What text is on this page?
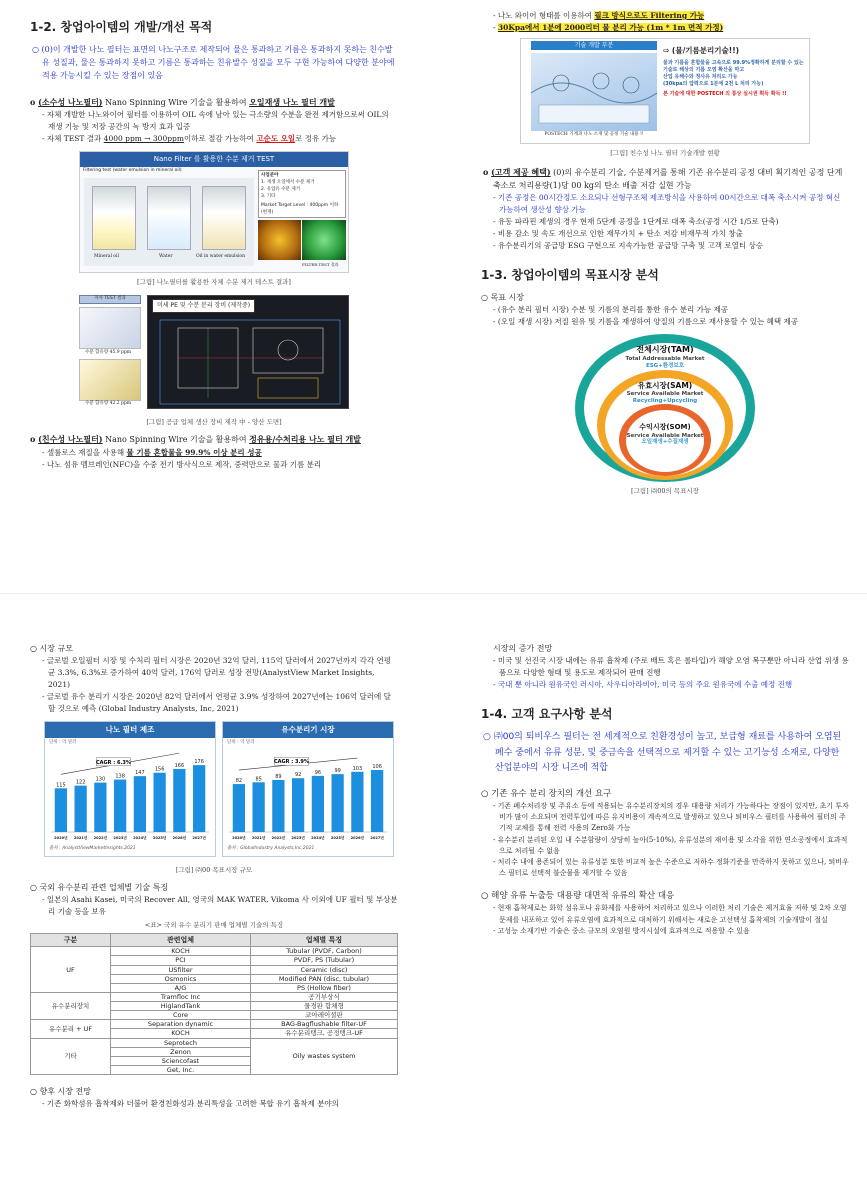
1-2. 창업아이템의 개발/개선 목적

○ (0)이 개발한 나노 필터는 표면의 나노구조로 제작되어 물은 통과하고 기름은 통과하지 못하는 친수발유 성질과, 물은 통과하지 못하고 기름은 통과하는 친유발수 성질을 모두 구현 가능하여 다양한 분야에 적용 가능시킬 수 있는 장점이 있음

o (소수성 나노필터) Nano Spinning Wire 기술을 활용하여 오일재생 나노 필터 개발

- 자체 개발한 나노와이어 필터를 이용하여 OIL 속에 남아 있는 극소량의 수분을 완전 제거함으로써 OIL의 재생 기능 및 저장 공간의 녹 방지 효과 입증

- 자체 TEST 결과 4000 ppm → 300ppm이하로 절감 가능하여 고순도 오일로 정유 가능

Nano Filter 를 활용한 수분 제거 TEST
Filtering test (water emulsion in mineral oil)
Mineral oil	Water	Oil in water emulsion
사업분야
1. 재생 오일에서 수분 제거
2. 유압유 수분 제거
3. 기타
Market Target Level : 400ppm 이하(현재)
FILTER TEST 결과
[그림] 나노필터를 활용한 자체 수분 제거 테스트 결과]
자사 TEST 결과
수분 함유량 45.9 ppm
수분 함유량 42.2 ppm
미세 PE 및 수분 분리 장비 (제작중)
[그림] 공급 업체 생산 장비 제작 中 - 양산 도면]

o (친수성 나노필터) Nano Spinning Wire 기술을 활용하여 정유용/수처리용 나노 필터 개발

- 셀룰로스 재질을 사용해 물 기름 혼합물을 99.9% 이상 분리 성공

- 나노 섬유 멤브레인(NFC)을 수중 전기 방사식으로 제작, 중력만으로 물과 기름 분리

- 나노 와이어 형태를 이용하여 필크 방식으로도 Filtering 가능

- 30Kpa에서 1분에 2000리터 물 분리 가능 (1m * 1m 면적 가정)

기술 개발 부분
POSTECH 기계과 나노 소재 및 공정 기술 내용 !!
⇨ (물/기름분리기술!!)
물과 기름을 혼합물을 고속으로 99.9%정확하게 분리할 수 있는 기술로 해상의 기름 오염 확산을 막고
산업 유해수와 정사유 처리도 가능
(30kpa의 압력으로 1분에 2천 L 처리 가능)
본 기술에 대한 POSTECH 의 통상 실시권 획득 확득 !!
[그림] 친수성 나노 필터 기술개발 현황

o (고객 제공 혜택) (0)의 유수분리 기술, 수분제거를 통해 기존 유수분리 공정 대비 획기적인 공정 단계 축소로 처리용량(1)당 00 kg의 탄소 배출 저감 실현 가능

- 기존 공정은 00시간정도 소요되나 선형구조체 제조방식을 사용하여 00시간으로 대폭 축소시켜 공정 혁신 가능하여 생산성 향상 가능

- 유동 파라핀 제생의 경우 현재 5단계 공정을 1단계로 대폭 축소(공정 시간 1/5로 단축)

- 비용 감소 및 속도 개선으로 인한 재무가치 + 탄소 저감 비재무적 가치 창출

- 유수분리기의 공급망 ESG 구현으로 지속가능한 공급망 구축 및 고객 로열티 상승

1-3. 창업아이템의 목표시장 분석

○ 목표 시장

- (유수 분리 필터 시장) 수분 및 기름의 분리를 통한 유수 분리 가능 제공

- (오일 재생 시장) 저질 원유 및 기름을 재생하여 양질의 기름으로 재사용할 수 있는 혜택 제공

전체시장(TAM)
Total Addressable Market
ESG+환경보호
유효시장(SAM)
Service Available Market
Recycling+Upcycling
수익시장(SOM)
Service Available Market
오일재생+수질재생
[그림] ㈜00의 목표시장

○ 시장 규모

- 글로벌 오일필터 시장 및 수처리 필터 시장은 2020년 32억 달러, 115억 달러에서 2027년까지 각각 연평균 3.3%, 6.3%로 증가하여 40억 달러, 176억 달러로 성장 전망(AnalystView Market Insights, 2021)

- 글로벌 유수 분리기 시장은 2020년 82억 달러에서 연평균 3.9% 성장하여 2027년에는 106억 달러에 달할 것으로 예측 (Global Industry Analysts, Inc, 2021)

나노 필터 제조
단위 : 억 달러
115
2020년
122
2021년
130
2022년
138
2023년
147
2024년
156
2025년
166
2026년
176
2027년
CAGR : 6.3%
출처 : AnalystViewMarketInsights,2021
유수분리기 시장
단위 : 억 달러
82
2020년
85
2021년
89
2022년
92
2023년
96
2024년
99
2025년
103
2026년
106
2027년
CAGR : 3.9%
출처 : GlobalIndustry Analysts,Inc,2021
[그림] ㈜00 목표시장 규모

○ 국외 유수분리 관련 업체별 기술 특징

- 일본의 Asahi Kasei, 미국의 Recover All, 영국의 MAK WATER, Vikoma 사 이외에 UF 필터 및 부상분리 기술 등을 보유

<표> 국외 유수 분리기 판매 업체별 기술의 특징
구분	관련업체	업체별 특징
UF	KOCH	Tubular (PVDF, Carbon)
	PCI	PVDF, PS (Tubular)
	USfilter	Ceramic (disc)
	Osmonics	Modified PAN (disc, tubular)
	A/G	PS (Hollow fiber)
유수분리장치	Tramfloc Inc	공기부상식
	HiglandTank	물경판 합체형
	Core	코아레이셜판
유수분리 + UF	Separation dynamic	BAG-Bagflushable filter-UF
	KOCH	유수분리탱크, 공정탱크-UF
기타	Seprotech	Oily wastes system
	Zenon	
	Sciencofast	
	Get, Inc.	

○ 향후 시장 전망

- 기존 화학섬유 흡착제와 더불어 환경친화성과 분리특성을 고려한 복합 유기 흡착제 분야의

시장의 증가 전망

- 미국 및 선진국 시장 내에는 유류 흡착제 (주로 배트 혹은 롤타입)가 해양 오염 복구뿐만 아니라 산업 위생 용품으로 다양한 형태 및 용도로 제작되어 판매 진행

- 국내 뿐 아니라 원유국인 러시아, 사우디아라비아, 미국 등의 주요 원유국에 수출 예정 진행

1-4. 고객 요구사항 분석

○ ㈜00의 퇴비우스 필터는 전 세계적으로 친환경성이 높고, 보급형 재료를 사용하여 오염된 폐수 중에서 유류 성분, 및 중금속을 선택적으로 제거할 수 있는 고기능성 소재로, 다양한 산업분야의 시장 니즈에 적합

○ 기존 유수 분리 장치의 개선 요구

- 기존 폐수처리장 및 주유소 등에 적용되는 유수분리장치의 경우 대용량 처리가 가능하다는 장점이 있지만, 초기 투자비가 많이 소요되며 전력투입에 따른 유지비용이 계속적으로 발생하고 있으나 퇴비우스 필터를 사용하여 필터의 주기적 교체를 통해 전력 사용의 Zero화 가능

- 유수분리 분리된 오일 내 수분함량이 상당히 높아(5-10%), 유류성분의 재이용 및 소각을 위한 연소공정에서 효과적으로 처리될 수 없음

- 처리수 내에 용존되어 있는 유류성분 또한 비교적 높은 수준으로 저하수 정화기준을 만족하지 못하고 있으나, 퇴비우스 필터로 선택적 불순물을 제거할 수 있음

○ 해양 유류 누출등 대용량 대면적 유류의 확산 대응

- 현재 흡착제로는 화학 섬유포나 유화제를 사용하여 처리하고 있으나 이러한 처리 기술은 제거효율 저하 및 2차 오염문제를 내포하고 있어 유류오염에 효과적으로 대처하기 위해서는 새로운 고선택성 흡착제의 기술개발이 절실

- 고성능 소재기반 기술은 중소 규모의 오염원 방지시설에 효과적으로 적용할 수 있음
